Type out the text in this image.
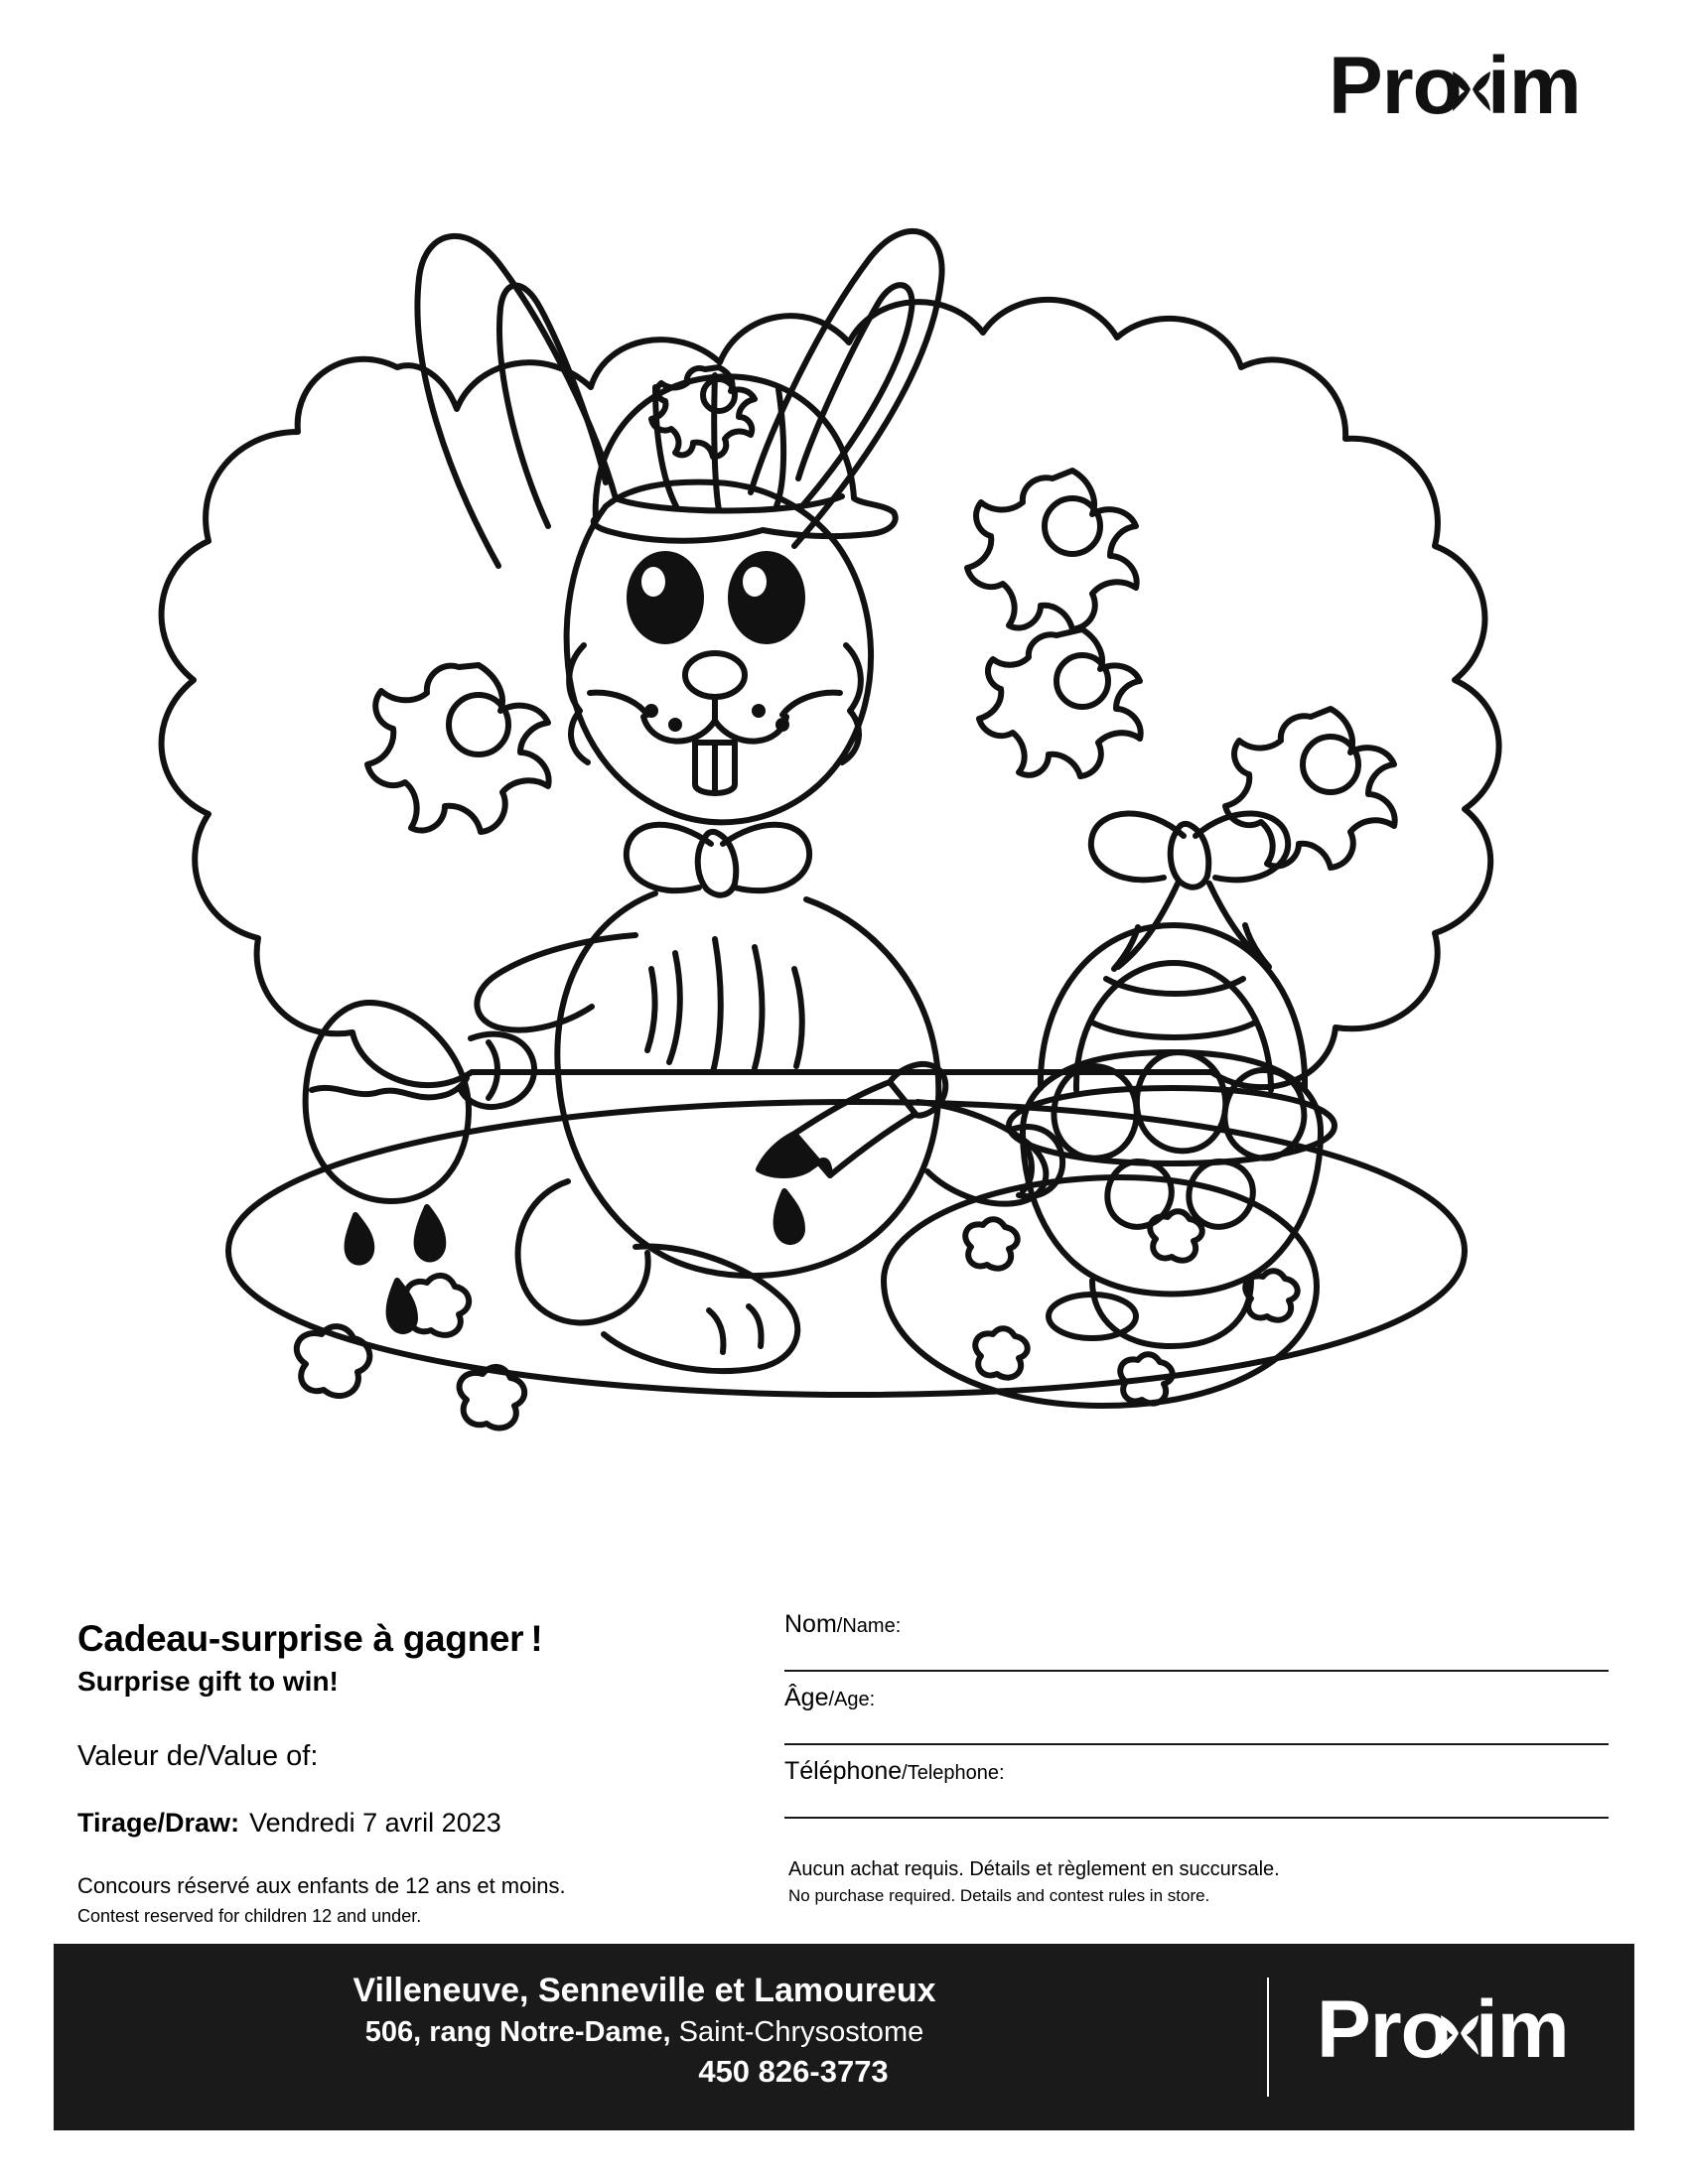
Pro im

Cadeau-surprise à gagner !

Surprise gift to win!

Valeur de/Value of:

Tirage/Draw: Vendredi 7 avril 2023

Concours réservé aux enfants de 12 ans et moins.

Contest reserved for children 12 and under.

Nom/Name:
Âge/Age:
Téléphone/Telephone:

Aucun achat requis. Détails et règlement en succursale.

No purchase required. Details and contest rules in store.

Villeneuve, Senneville et Lamoureux

506, rang Notre-Dame, Saint-Chrysostome

450 826-3773	Pro im
